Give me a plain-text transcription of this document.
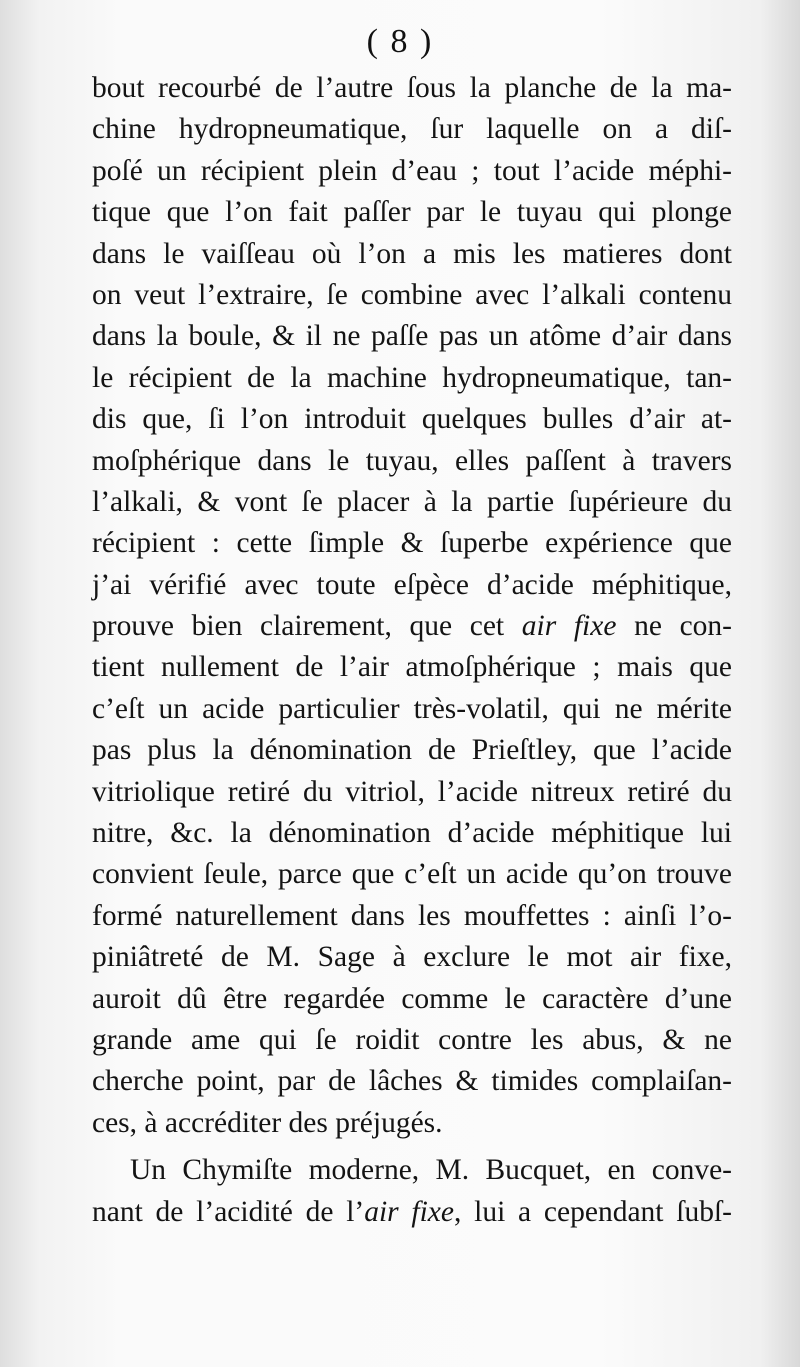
( 8 )
bout recourbé de l’autre ſous la planche de la ma-
chine hydropneumatique, ſur laquelle on a diſ-
poſé un récipient plein d’eau ; tout l’acide méphi-
tique que l’on fait paſſer par le tuyau qui plonge
dans le vaiſſeau où l’on a mis les matieres dont
on veut l’extraire, ſe combine avec l’alkali contenu
dans la boule, & il ne paſſe pas un atôme d’air dans
le récipient de la machine hydropneumatique, tan-
dis que, ſi l’on introduit quelques bulles d’air at-
moſphérique dans le tuyau, elles paſſent à travers
l’alkali, & vont ſe placer à la partie ſupérieure du
récipient : cette ſimple & ſuperbe expérience que
j’ai vérifié avec toute eſpèce d’acide méphitique,
prouve bien clairement, que cet air fixe ne con-
tient nullement de l’air atmoſphérique ; mais que
c’eſt un acide particulier très-volatil, qui ne mérite
pas plus la dénomination de Prieſtley, que l’acide
vitriolique retiré du vitriol, l’acide nitreux retiré du
nitre, &c. la dénomination d’acide méphitique lui
convient ſeule, parce que c’eſt un acide qu’on trouve
formé naturellement dans les mouffettes : ainſi l’o-
piniâtreté de M. Sage à exclure le mot air fixe,
auroit dû être regardée comme le caractère d’une
grande ame qui ſe roidit contre les abus, & ne
cherche point, par de lâches & timides complaiſan-
ces, à accréditer des préjugés.
Un Chymiſte moderne, M. Bucquet, en conve-
nant de l’acidité de l’air fixe, lui a cependant ſubſ-
